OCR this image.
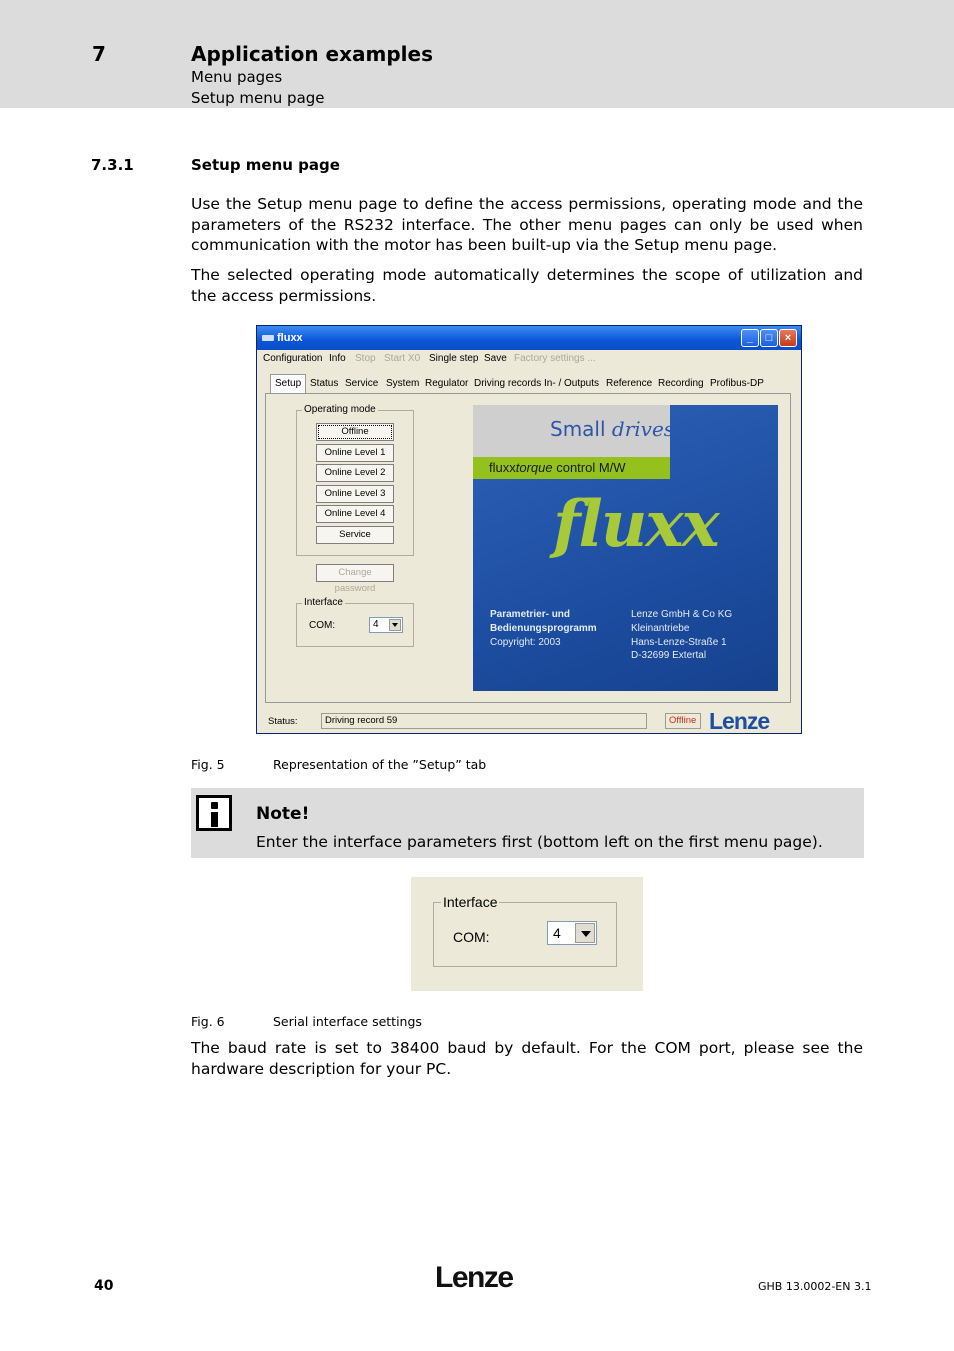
7	Application examples
Menu pages
Setup menu page
7.3.1	Setup menu page
Use the Setup menu page to define the access permissions, operating mode and the parameters of the RS232 interface. The other menu pages can only be used when communication with the motor has been built-up via the Setup menu page.
The selected operating mode automatically determines the scope of utilization and the access permissions.
fluxx	_	□	×
Configuration Info Stop Start X0 Single step Save Factory settings ...
Setup Status Service System Regulator Driving records In- / Outputs Reference Recording Profibus-DP
Operating mode
Offline
Online Level 1
Online Level 2
Online Level 3
Online Level 4
Service
Change password
Interface
COM:	4
Small drives
fluxxtorque control M/W
fluxx
Parametrier- und
Bedienungsprogramm
Copyright: 2003
Lenze GmbH & Co KG
Kleinantriebe
Hans-Lenze-Straße 1
D-32699 Extertal
Status:	Driving record 59	Offline Lenze
Fig. 5	Representation of the ”Setup” tab
Note!
Enter the interface parameters first (bottom left on the first menu page).
Interface
COM:	4
Fig. 6	Serial interface settings
The baud rate is set to 38400 baud by default. For the COM port, please see the hardware description for your PC.
40	Lenze	GHB 13.0002-EN 3.1
